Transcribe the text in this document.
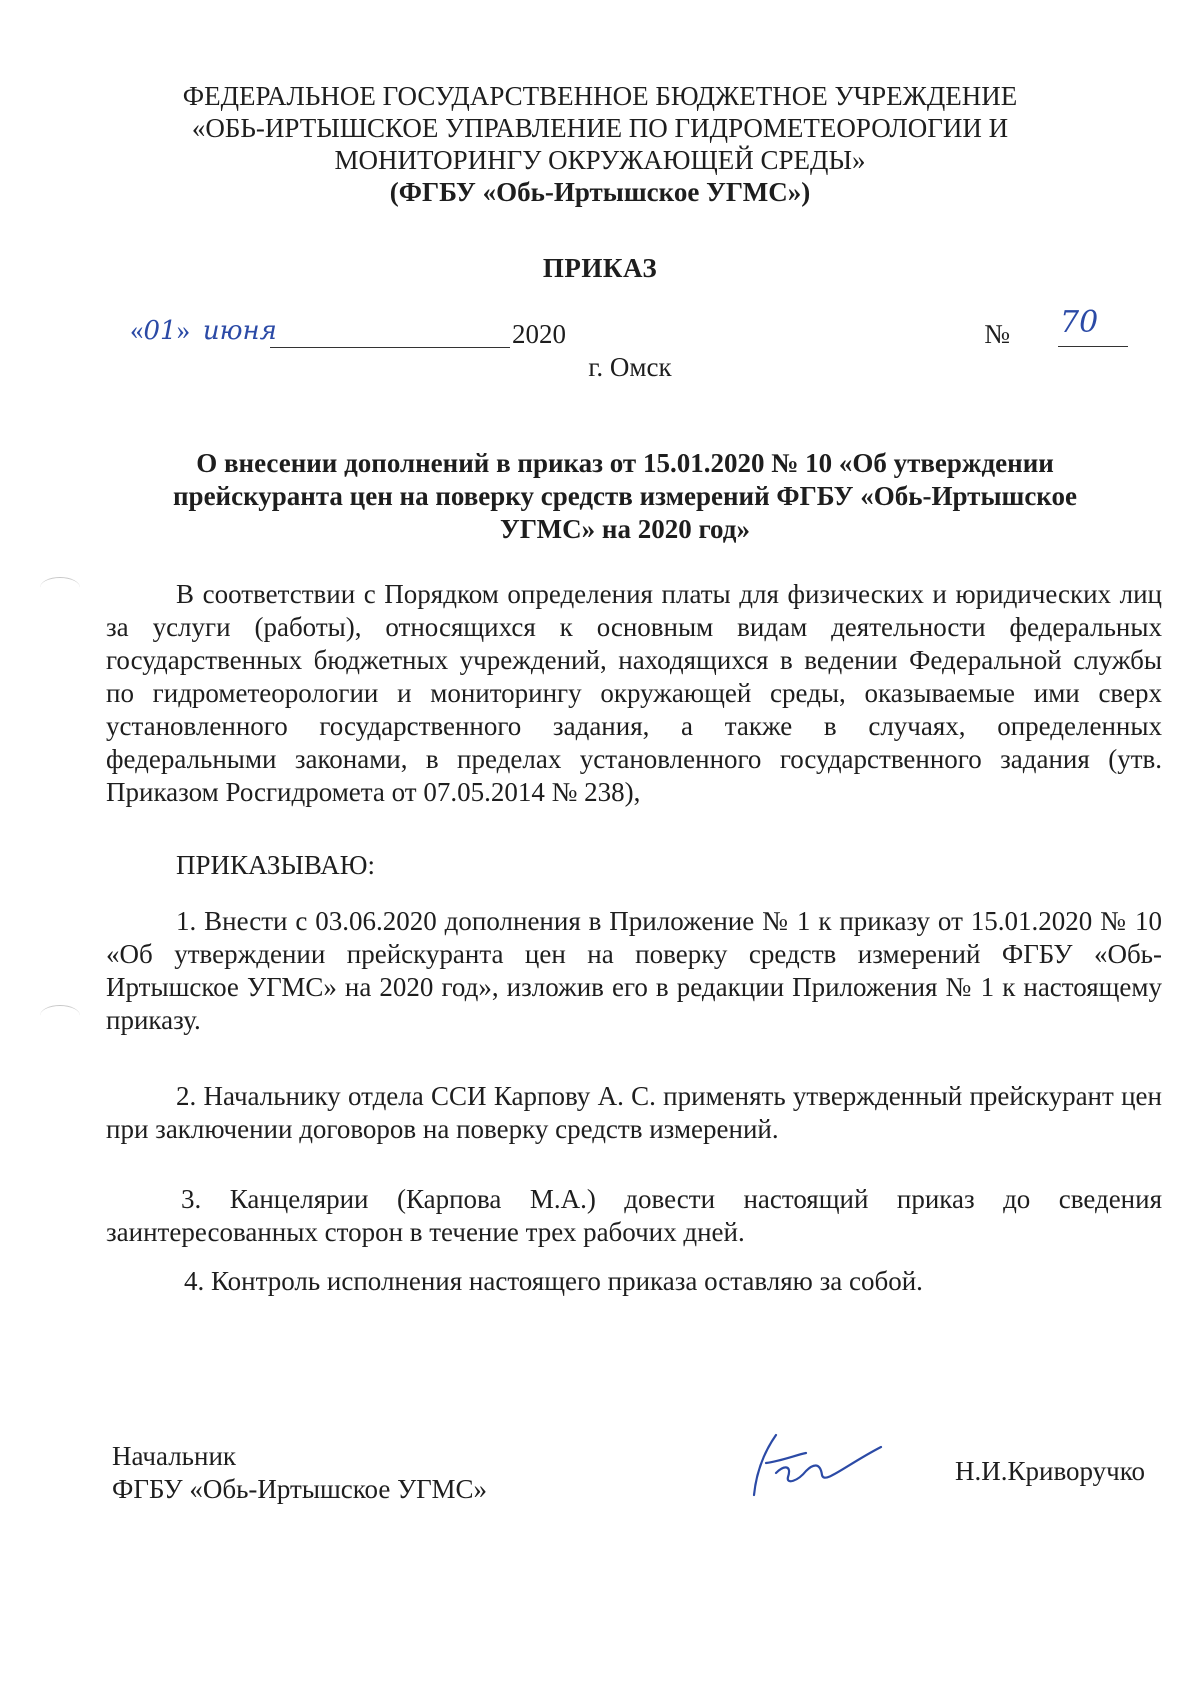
ФЕДЕРАЛЬНОЕ ГОСУДАРСТВЕННОЕ БЮДЖЕТНОЕ УЧРЕЖДЕНИЕ
«ОБЬ-ИРТЫШСКОЕ УПРАВЛЕНИЕ ПО ГИДРОМЕТЕОРОЛОГИИ И
МОНИТОРИНГУ ОКРУЖАЮЩЕЙ СРЕДЫ»
(ФГБУ «Обь-Иртышское УГМС»)
ПРИКАЗ
«01» июня	2020	№ 70
г. Омск
О внесении дополнений в приказ от 15.01.2020 № 10 «Об утверждении
прейскуранта цен на поверку средств измерений ФГБУ «Обь-Иртышское
УГМС» на 2020 год»
В соответствии с Порядком определения платы для физических и юридических лиц за услуги (работы), относящихся к основным видам деятельности федеральных государственных бюджетных учреждений, находящихся в ведении Федеральной службы по гидрометеорологии и мониторингу окружающей среды, оказываемые ими сверх установленного государственного задания, а также в случаях, определенных федеральными законами, в пределах установленного государственного задания (утв. Приказом Росгидромета от 07.05.2014 № 238),
ПРИКАЗЫВАЮ:
1. Внести с 03.06.2020 дополнения в Приложение № 1 к приказу от 15.01.2020 № 10 «Об утверждении прейскуранта цен на поверку средств измерений ФГБУ «Обь-Иртышское УГМС» на 2020 год», изложив его в редакции Приложения № 1 к настоящему приказу.
2. Начальнику отдела ССИ Карпову А. С. применять утвержденный прейскурант цен при заключении договоров на поверку средств измерений.
3. Канцелярии (Карпова М.А.) довести настоящий приказ до сведения заинтересованных сторон в течение трех рабочих дней.
4. Контроль исполнения настоящего приказа оставляю за собой.
Начальник
ФГБУ «Обь-Иртышское УГМС»
Н.И.Криворучко
